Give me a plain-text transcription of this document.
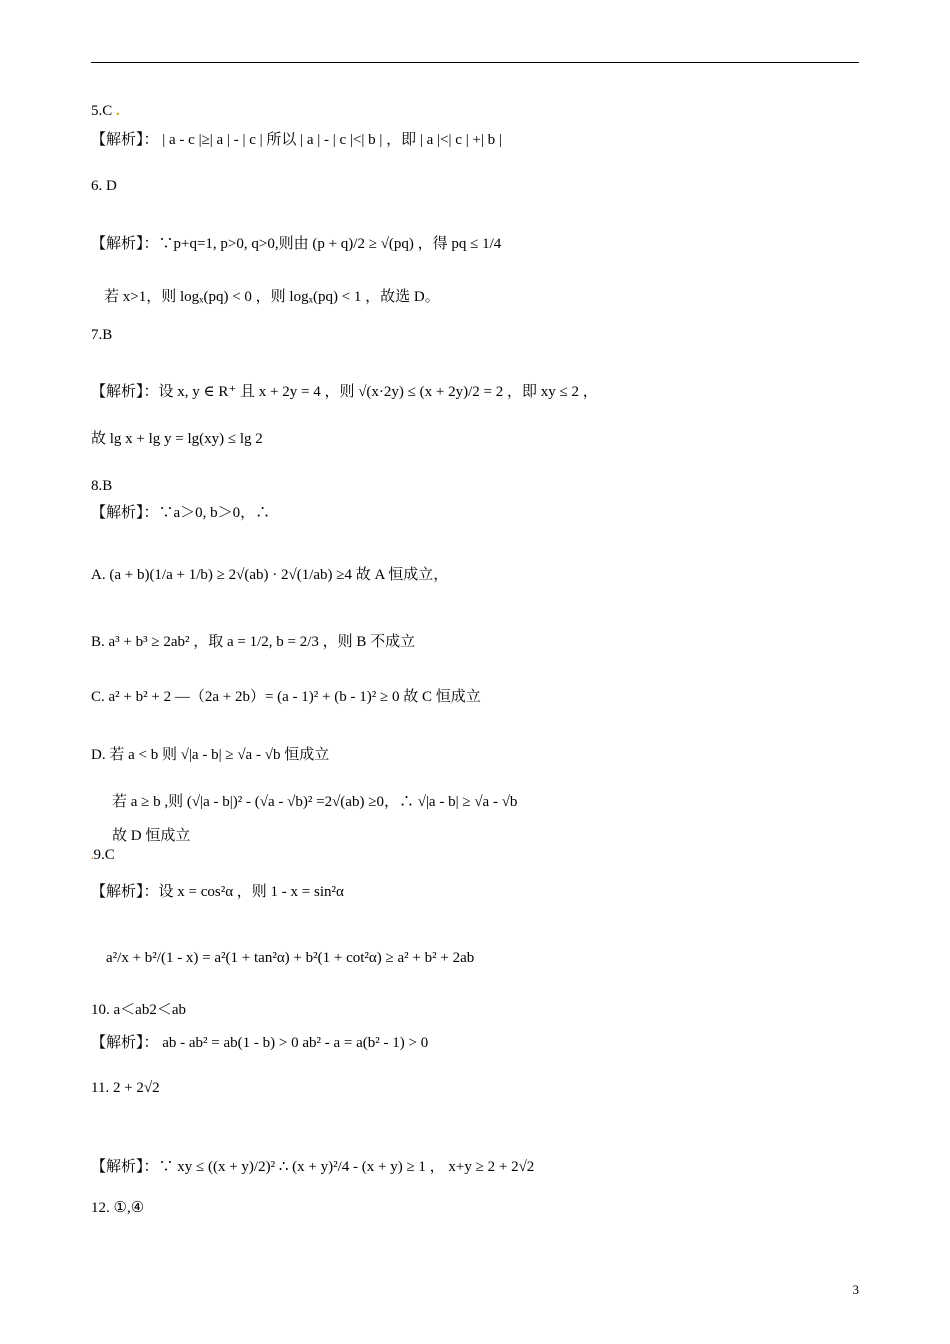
5.C .
【解析】： | a - c |≥| a | - | c | 所以 | a | - | c |<| b | ，即 | a |<| c | +| b |
6. D
【解析】：∵p+q=1, p>0, q>0,则由 (p + q)/2 ≥ √(pq) ，得 pq ≤ 1/4
若 x>1，则 logₓ(pq) < 0 ，则 logₓ(pq) < 1 ，故选 D。
7.B
【解析】：设 x, y ∈ R⁺ 且 x + 2y = 4 ，则 √(x·2y) ≤ (x + 2y)/2 = 2 ，即 xy ≤ 2 ，
故 lg x + lg y = lg(xy) ≤ lg 2
8.B
【解析】：∵a＞0, b＞0，∴
A. (a + b)(1/a + 1/b) ≥ 2√(ab) · 2√(1/ab) ≥4 故 A 恒成立，
B. a³ + b³ ≥ 2ab² ，取 a = 1/2, b = 2/3 ，则 B 不成立
C. a² + b² + 2 —（2a + 2b）= (a - 1)² + (b - 1)² ≥ 0 故 C 恒成立
D. 若 a < b 则 √|a - b| ≥ √a - √b 恒成立
若 a ≥ b ,则 (√|a - b|)² - (√a - √b)² =2√(ab) ≥0，∴ √|a - b| ≥ √a - √b
故 D 恒成立
.9.C
【解析】：设 x = cos²α ，则 1 - x = sin²α
a²/x + b²/(1 - x) = a²(1 + tan²α) + b²(1 + cot²α) ≥ a² + b² + 2ab
10. a＜ab2＜ab
【解析】： ab - ab² = ab(1 - b) > 0 ab² - a = a(b² - 1) > 0
11. 2 + 2√2
【解析】：∵ xy ≤ ((x + y)/2)² ∴ (x + y)²/4 - (x + y) ≥ 1 ， x+y ≥ 2 + 2√2
12. ①,④
3
